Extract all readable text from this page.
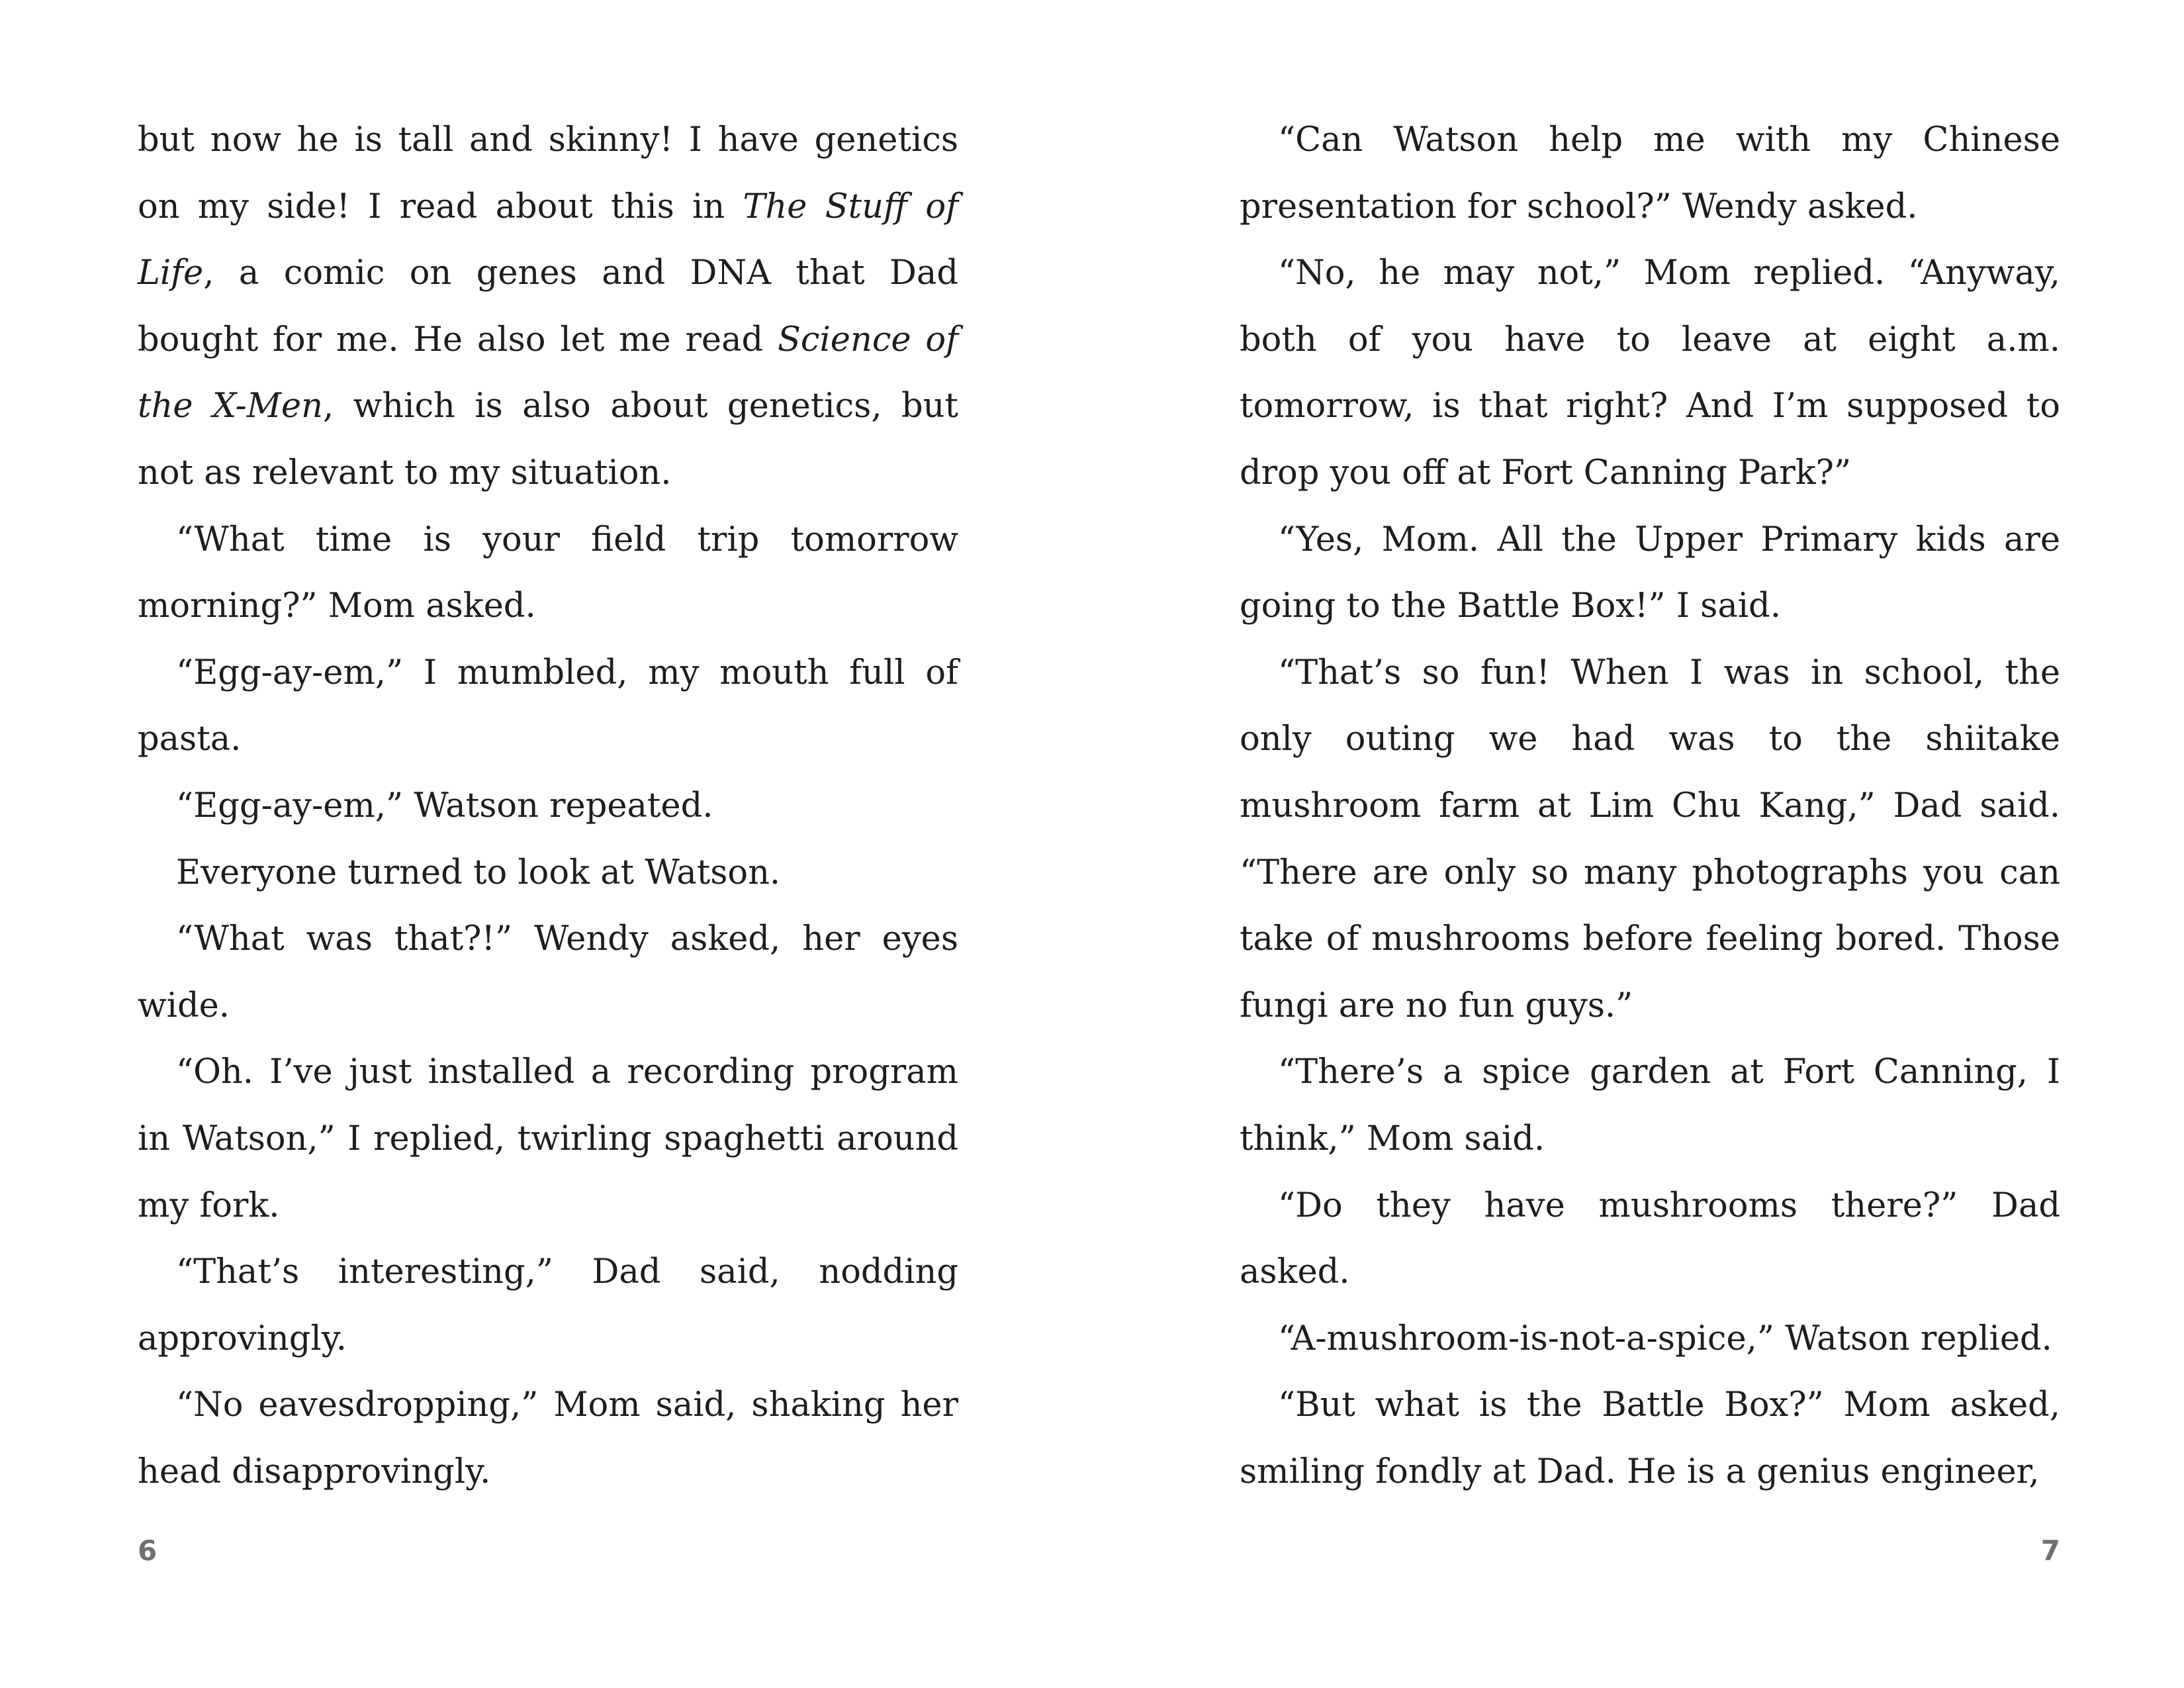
but now he is tall and skinny! I have genetics on my side! I read about this in The Stuff of Life, a comic on genes and DNA that Dad bought for me. He also let me read Science of the X-Men, which is also about genetics, but not as relevant to my situation.

“What time is your field trip tomorrow morning?” Mom asked.

“Egg-ay-em,” I mumbled, my mouth full of pasta.

“Egg-ay-em,” Watson repeated.

Everyone turned to look at Watson.

“What was that?!” Wendy asked, her eyes wide.

“Oh. I’ve just installed a recording program in Watson,” I replied, twirling spaghetti around my fork.

“That’s interesting,” Dad said, nodding approvingly.

“No eavesdropping,” Mom said, shaking her head disapprovingly.

6

“Can Watson help me with my Chinese presentation for school?” Wendy asked.

“No, he may not,” Mom replied. “Anyway, both of you have to leave at eight a.m. tomorrow, is that right? And I’m supposed to drop you off at Fort Canning Park?”

“Yes, Mom. All the Upper Primary kids are going to the Battle Box!” I said.

“That’s so fun! When I was in school, the only outing we had was to the shiitake mushroom farm at Lim Chu Kang,” Dad said. “There are only so many photographs you can take of mushrooms before feeling bored. Those fungi are no fun guys.”

“There’s a spice garden at Fort Canning, I think,” Mom said.

“Do they have mushrooms there?” Dad asked.

“A-mushroom-is-not-a-spice,” Watson replied.

“But what is the Battle Box?” Mom asked, smiling fondly at Dad. He is a genius engineer,

7
